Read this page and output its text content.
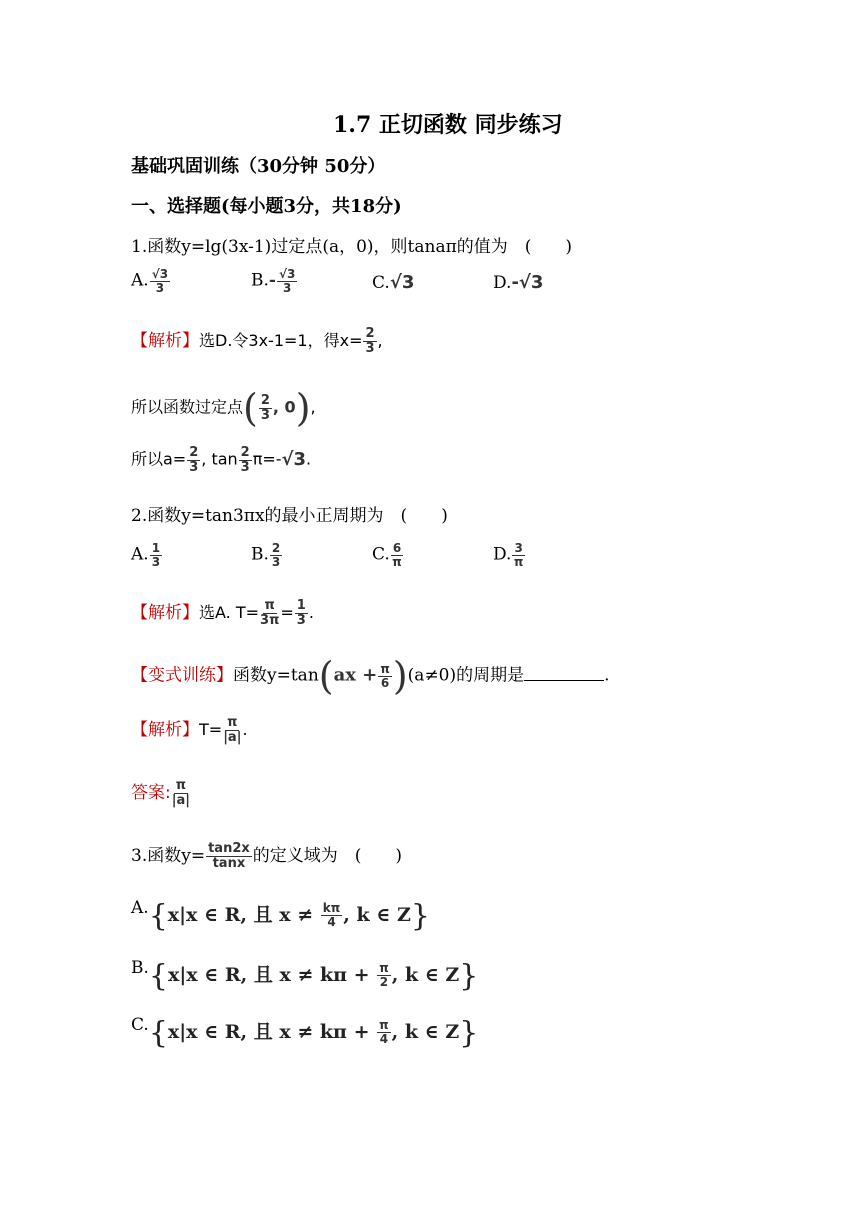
1.7 正切函数 同步练习
基础巩固训练（30分钟 50分）
一、选择题(每小题3分，共18分)
1.函数y=lg(3x-1)过定点(a，0)，则tanaπ的值为　(　　)
A. $\frac{√3}{3}$	$B.- \frac{√3}{3}$	C.√3	D.-√3
【解析】选D.令3x-1=1，得$x= \frac{2}{3}$ ,
所以函数过定点( $\frac{2}{3}$ , 0),
所以$a= \frac{2}{3}$ , $\tan \frac{2}{3} \pi=-√3$.
2.函数y=tan3πx的最小正周期为　(　　)
A. $\frac{1}{3}$	B. $\frac{2}{3}$	C. $\frac{6}{\pi}$	D. $\frac{3}{\pi}$
【解析】选A. $T= \frac{\pi}{3\pi} = \frac{1}{3}$ .
【变式训练】函数$y=\tan(ax + \frac{\pi}{6} )(a\ne 0)$的周期是	.
【解析】$T= \frac{\pi}{|a|}$ .
答案: $\frac{\pi}{|a|}$
3.函数$y= \frac{\tan 2x}{\tan x}$ 的定义域为　(　　)
A.{x|x ∈ R, 且 $x \ne \frac{k\pi}{4}$ , k ∈ Z}
B.{x|x ∈ R, 且 $x \ne k\pi + \frac{\pi}{2}$ , k ∈ Z}
C.{x|x ∈ R, 且 $x \ne k\pi + \frac{\pi}{4}$ , k ∈ Z}
